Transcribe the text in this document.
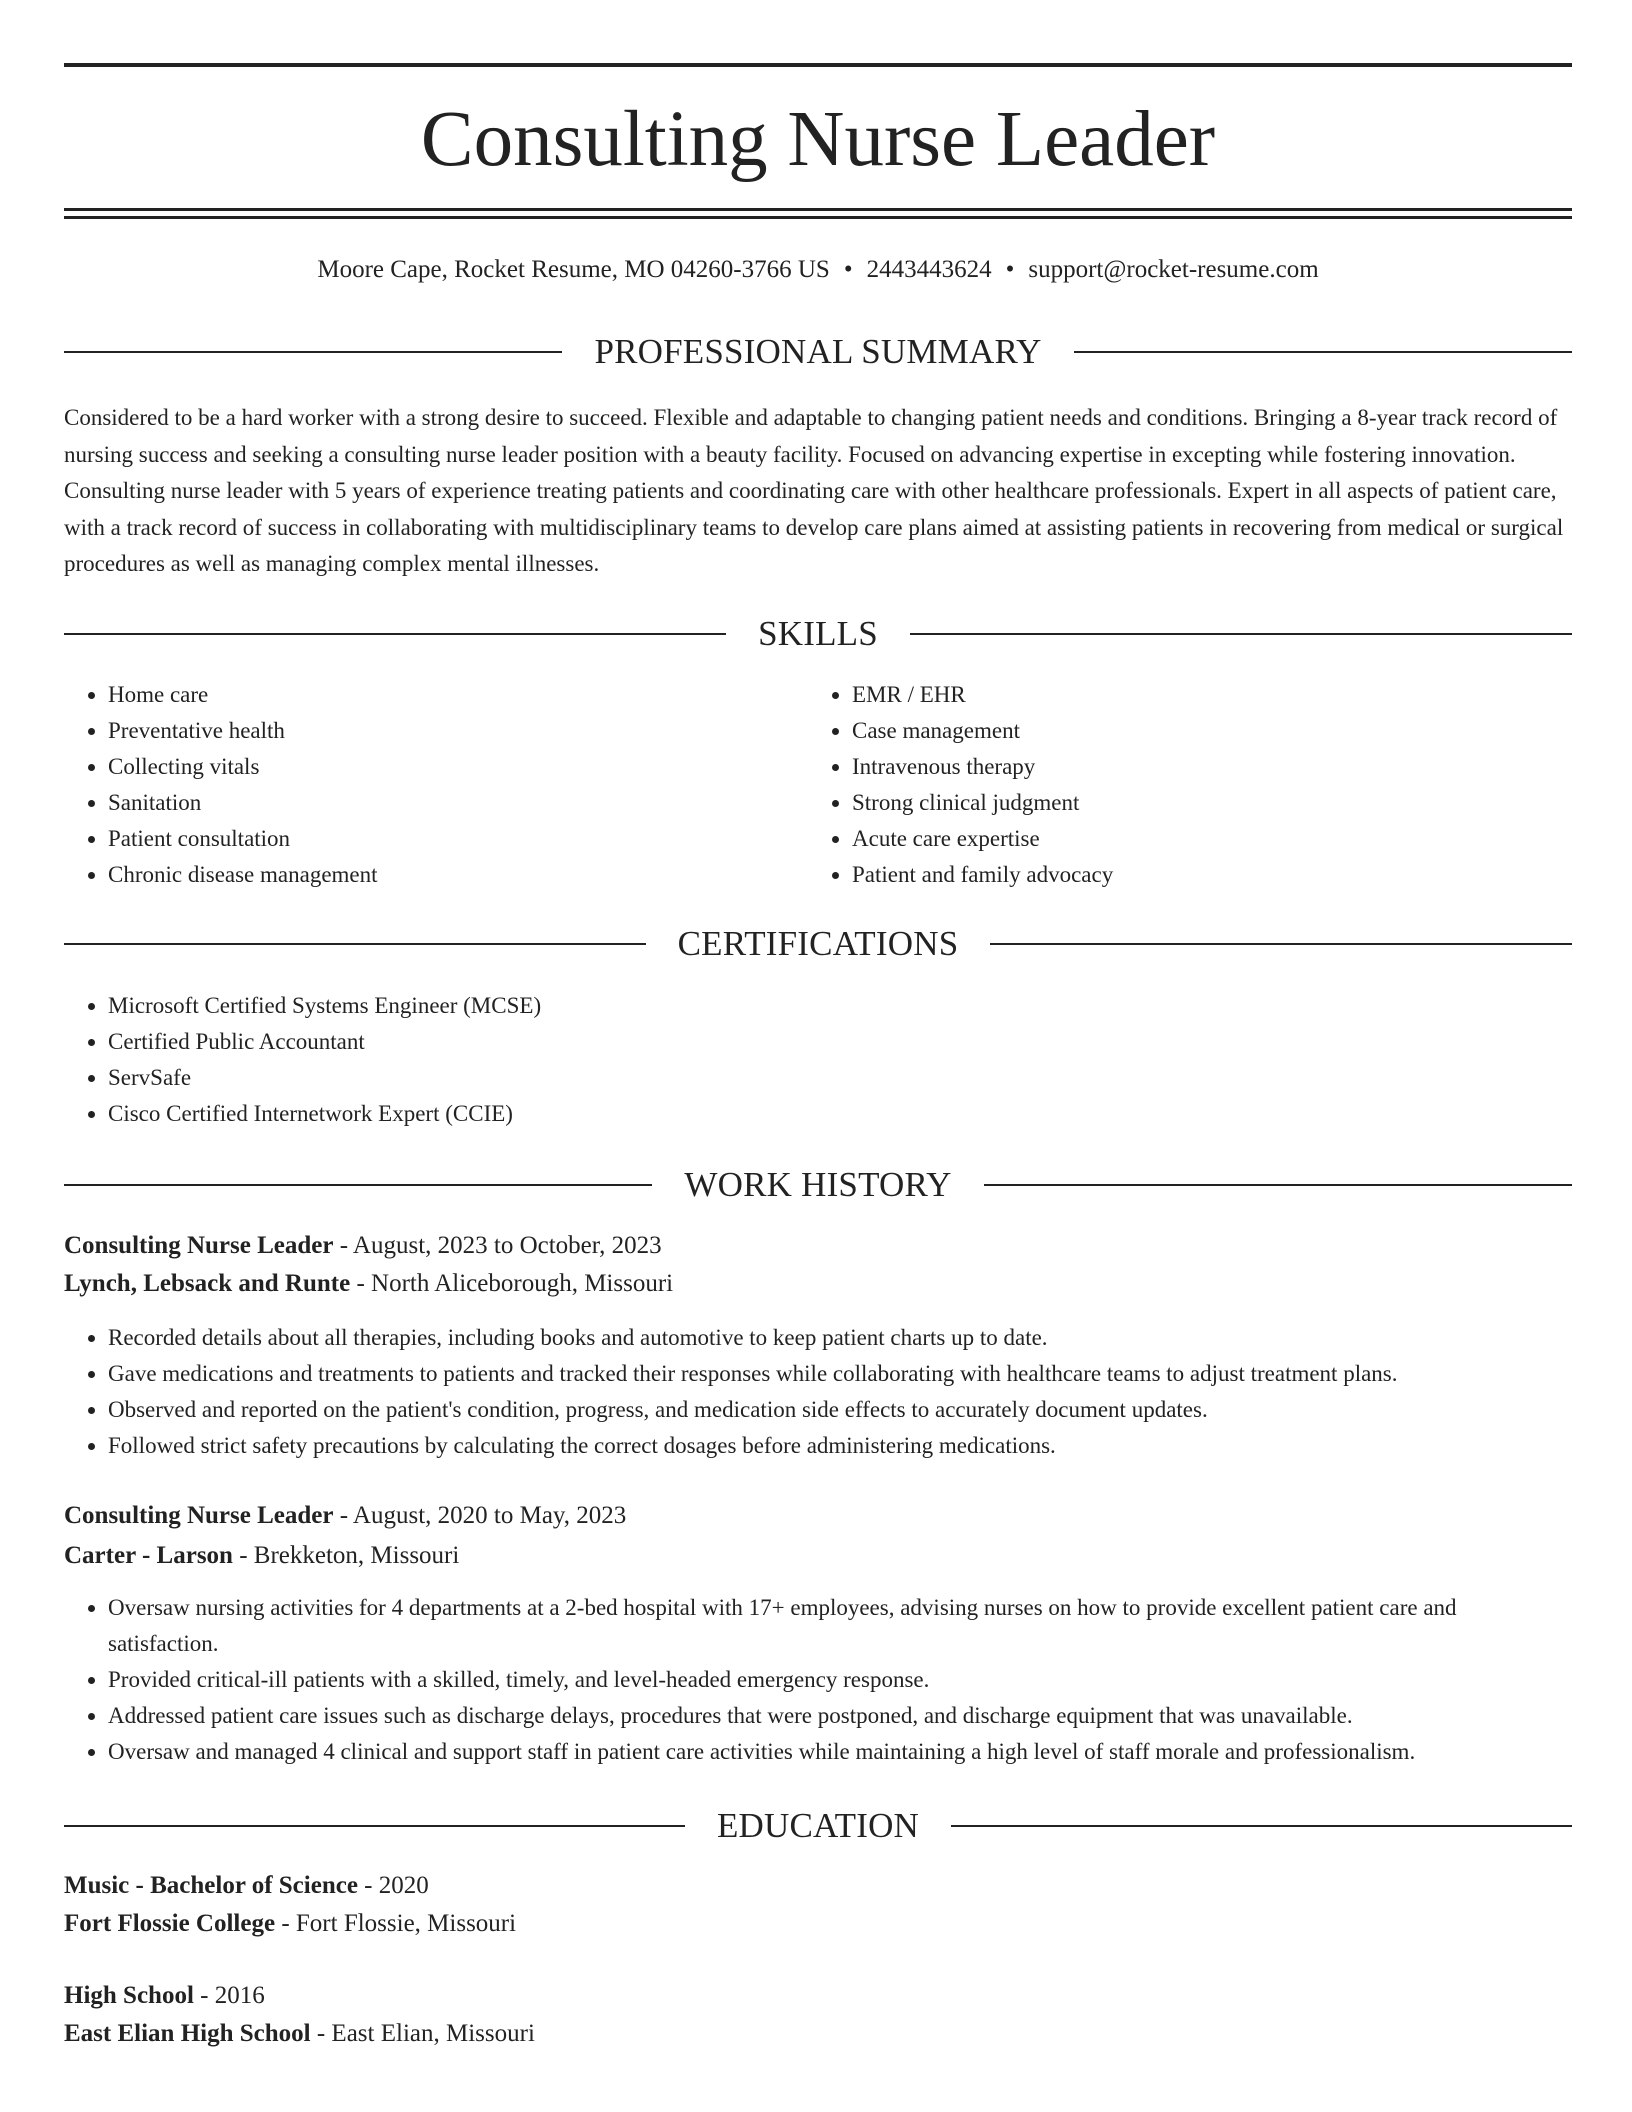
Consulting Nurse Leader
Moore Cape, Rocket Resume, MO 04260-3766 US • 2443443624 • support@rocket-resume.com
PROFESSIONAL SUMMARY

Considered to be a hard worker with a strong desire to succeed. Flexible and adaptable to changing patient needs and conditions. Bringing a 8-year track record of nursing success and seeking a consulting nurse leader position with a beauty facility. Focused on advancing expertise in excepting while fostering innovation. Consulting nurse leader with 5 years of experience treating patients and coordinating care with other healthcare professionals. Expert in all aspects of patient care, with a track record of success in collaborating with multidisciplinary teams to develop care plans aimed at assisting patients in recovering from medical or surgical procedures as well as managing complex mental illnesses.

SKILLS
• Home care
• Preventative health
• Collecting vitals
• Sanitation
• Patient consultation
• Chronic disease management
• EMR / EHR
• Case management
• Intravenous therapy
• Strong clinical judgment
• Acute care expertise
• Patient and family advocacy
CERTIFICATIONS
• Microsoft Certified Systems Engineer (MCSE)
• Certified Public Accountant
• ServSafe
• Cisco Certified Internetwork Expert (CCIE)
WORK HISTORY
Consulting Nurse Leader - August, 2023 to October, 2023
Lynch, Lebsack and Runte - North Aliceborough, Missouri
• Recorded details about all therapies, including books and automotive to keep patient charts up to date.
• Gave medications and treatments to patients and tracked their responses while collaborating with healthcare teams to adjust treatment plans.
• Observed and reported on the patient's condition, progress, and medication side effects to accurately document updates.
• Followed strict safety precautions by calculating the correct dosages before administering medications.
Consulting Nurse Leader - August, 2020 to May, 2023
Carter - Larson - Brekketon, Missouri
• Oversaw nursing activities for 4 departments at a 2-bed hospital with 17+ employees, advising nurses on how to provide excellent patient care and satisfaction.
• Provided critical-ill patients with a skilled, timely, and level-headed emergency response.
• Addressed patient care issues such as discharge delays, procedures that were postponed, and discharge equipment that was unavailable.
• Oversaw and managed 4 clinical and support staff in patient care activities while maintaining a high level of staff morale and professionalism.
EDUCATION
Music - Bachelor of Science - 2020
Fort Flossie College - Fort Flossie, Missouri
High School - 2016
East Elian High School - East Elian, Missouri
